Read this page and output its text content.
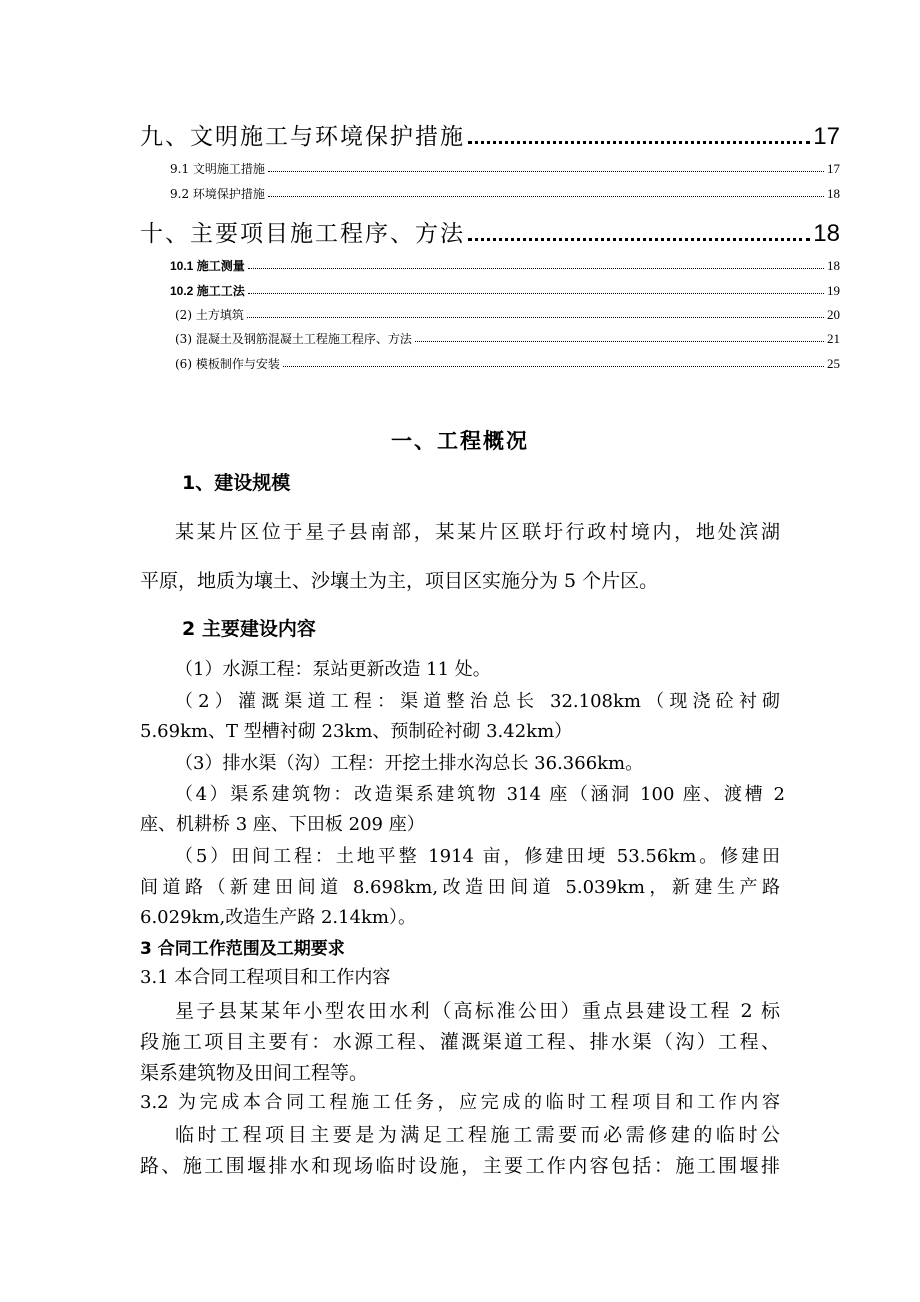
九、文明施工与环境保护措施	17
9.1 文明施工措施	17
9.2 环境保护措施	18
十、主要项目施工程序、方法	18
10.1 施工测量	18
10.2 施工工法	19
(2) 土方填筑	20
(3) 混凝土及钢筋混凝土工程施工程序、方法	21
(6) 模板制作与安装	25
一、工程概况
1、建设规模
某某片区位于星子县南部，某某片区联圩行政村境内，地处滨湖
平原，地质为壤土、沙壤土为主，项目区实施分为 5 个片区。
2 主要建设内容
（1）水源工程：泵站更新改造 11 处。
（2）灌溉渠道工程：渠道整治总长 32.108km（现浇砼衬砌
5.69km、T 型槽衬砌 23km、预制砼衬砌 3.42km）
（3）排水渠（沟）工程：开挖土排水沟总长 36.366km。
（4）渠系建筑物：改造渠系建筑物 314 座（涵洞 100 座、渡槽 2
座、机耕桥 3 座、下田板 209 座）
（5）田间工程：土地平整 1914 亩，修建田埂 53.56km。修建田
间道路（新建田间道 8.698km,改造田间道 5.039km，新建生产路
6.029km,改造生产路 2.14km）。
3 合同工作范围及工期要求
3.1 本合同工程项目和工作内容
星子县某某年小型农田水利（高标准公田）重点县建设工程 2 标
段施工项目主要有：水源工程、灌溉渠道工程、排水渠（沟）工程、
渠系建筑物及田间工程等。
3.2 为完成本合同工程施工任务，应完成的临时工程项目和工作内容
临时工程项目主要是为满足工程施工需要而必需修建的临时公
路、施工围堰排水和现场临时设施，主要工作内容包括：施工围堰排
